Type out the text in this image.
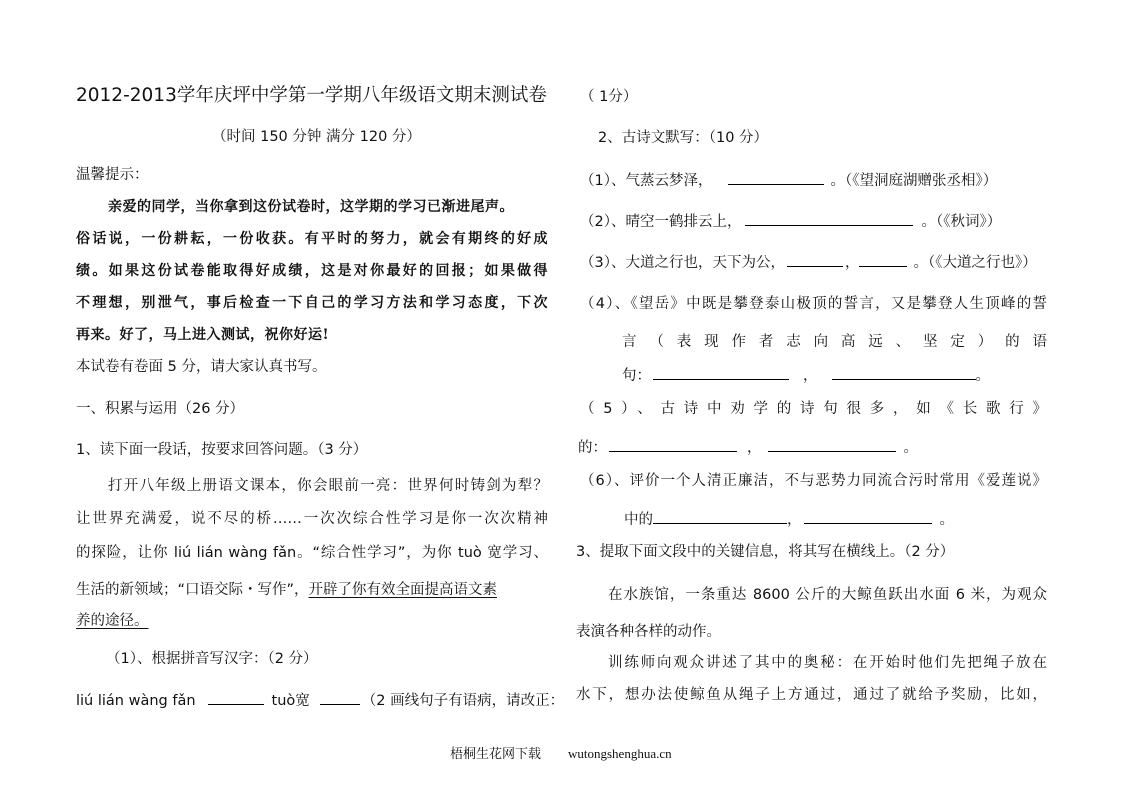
2012-2013学年庆坪中学第一学期八年级语文期末测试卷
（时间 150 分钟 满分 120 分）
温馨提示：
亲爱的同学，当你拿到这份试卷时，这学期的学习已渐进尾声。
俗话说，一份耕耘，一份收获。有平时的努力，就会有期终的好成
绩。如果这份试卷能取得好成绩，这是对你最好的回报；如果做得
不理想，别泄气，事后检查一下自己的学习方法和学习态度，下次
再来。好了，马上进入测试，祝你好运!
本试卷有卷面 5 分，请大家认真书写。
一、积累与运用（26 分）
1、读下面一段话，按要求回答问题。（3 分）
打开八年级上册语文课本，你会眼前一亮：世界何时铸剑为犁？
让世界充满爱，说不尽的桥……一次次综合性学习是你一次次精神
的探险，让你 liú lián wàng fǎn。“综合性学习”，为你 tuò 宽学习、
生活的新领域；“口语交际・写作”，开辟了你有效全面提高语文素
养的途径。
（1）、根据拼音写汉字：（2 分）
liú lián wàng fǎn	tuò宽	（2 画线句子有语病，请改正：
（ 1分）
2、古诗文默写：（10 分）
（1）、气蒸云梦泽，	。（《望洞庭湖赠张丞相》）
（2）、晴空一鹤排云上，	。（《秋词》）
（3）、大道之行也，天下为公，	，	。（《大道之行也》）
（4）、《望岳》中既是攀登泰山极顶的誓言，又是攀登人生顶峰的誓
言（表现作者志向高远、坚定）的语
句：	，	。
（5）、古诗中劝学的诗句很多，如《长歌行》
的：	，	。
（6）、评价一个人清正廉洁，不与恶势力同流合污时常用《爱莲说》
中的	，	。
3、提取下面文段中的关键信息，将其写在横线上。（2 分）
在水族馆，一条重达 8600 公斤的大鲸鱼跃出水面 6 米，为观众
表演各种各样的动作。
训练师向观众讲述了其中的奥秘：在开始时他们先把绳子放在
水下，想办法使鲸鱼从绳子上方通过，通过了就给予奖励，比如，
梧桐生花网下载 wutongshenghua.cn
